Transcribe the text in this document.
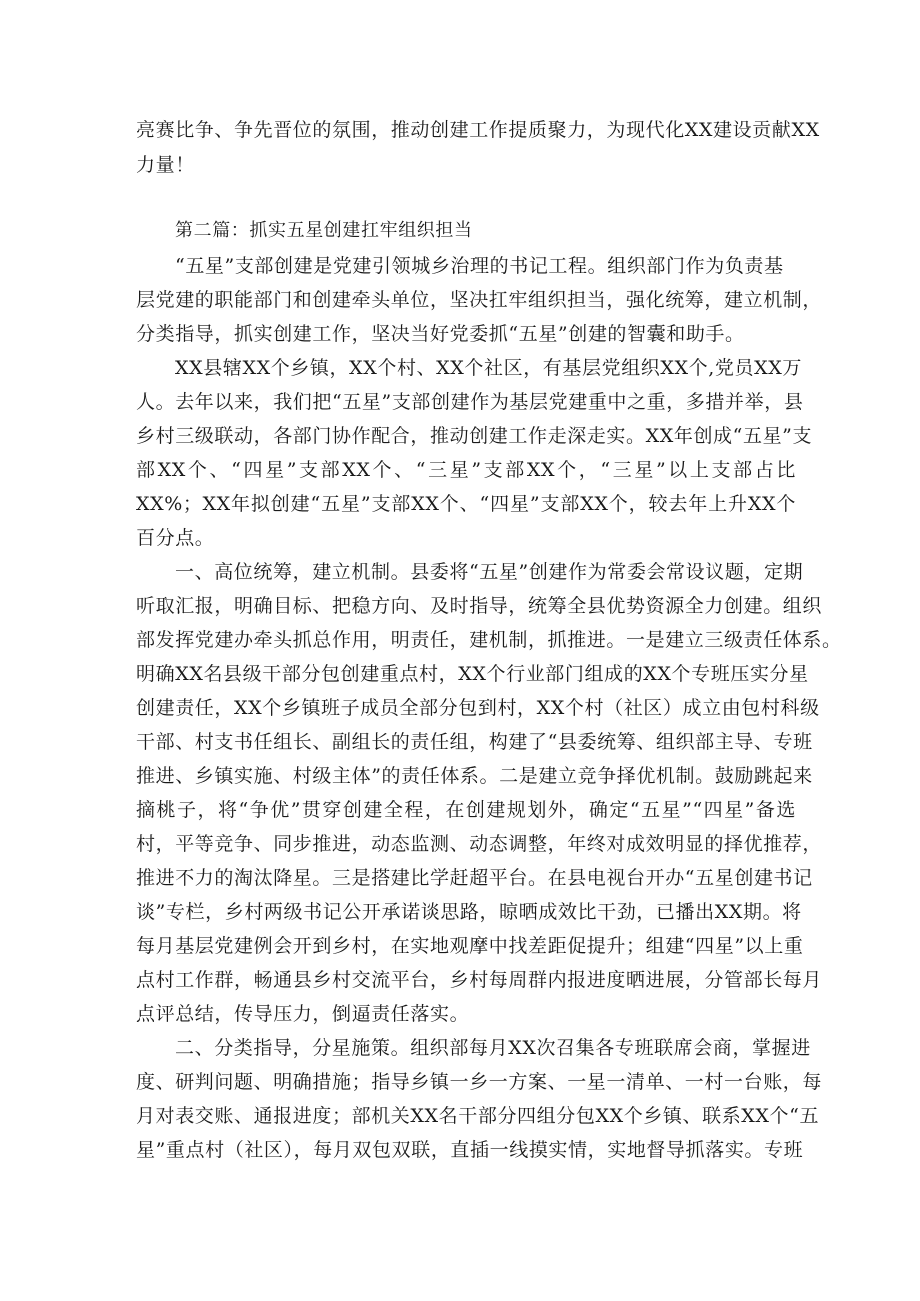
亮赛比争、争先晋位的氛围，推动创建工作提质聚力，为现代化XX建设贡献XX

力量！

第二篇：抓实五星创建扛牢组织担当

“五星”支部创建是党建引领城乡治理的书记工程。组织部门作为负责基

层党建的职能部门和创建牵头单位，坚决扛牢组织担当，强化统筹，建立机制，

分类指导，抓实创建工作，坚决当好党委抓“五星”创建的智囊和助手。

XX县辖XX个乡镇，XX个村、XX个社区，有基层党组织XX个,党员XX万

人。去年以来，我们把“五星”支部创建作为基层党建重中之重，多措并举，县

乡村三级联动，各部门协作配合，推动创建工作走深走实。XX年创成“五星”支

部XX个、“四星”支部XX个、“三星”支部XX个，“三星”以上支部占比

XX%；XX年拟创建“五星”支部XX个、“四星”支部XX个，较去年上升XX个

百分点。

一、高位统筹，建立机制。县委将“五星”创建作为常委会常设议题，定期

听取汇报，明确目标、把稳方向、及时指导，统筹全县优势资源全力创建。组织

部发挥党建办牵头抓总作用，明责任，建机制，抓推进。一是建立三级责任体系。

明确XX名县级干部分包创建重点村，XX个行业部门组成的XX个专班压实分星

创建责任，XX个乡镇班子成员全部分包到村，XX个村（社区）成立由包村科级

干部、村支书任组长、副组长的责任组，构建了“县委统筹、组织部主导、专班

推进、乡镇实施、村级主体”的责任体系。二是建立竞争择优机制。鼓励跳起来

摘桃子，将“争优”贯穿创建全程，在创建规划外，确定“五星”“四星”备选

村，平等竞争、同步推进，动态监测、动态调整，年终对成效明显的择优推荐，

推进不力的淘汰降星。三是搭建比学赶超平台。在县电视台开办“五星创建书记

谈”专栏，乡村两级书记公开承诺谈思路，晾晒成效比干劲，已播出XX期。将

每月基层党建例会开到乡村，在实地观摩中找差距促提升；组建“四星”以上重

点村工作群，畅通县乡村交流平台，乡村每周群内报进度晒进展，分管部长每月

点评总结，传导压力，倒逼责任落实。

二、分类指导，分星施策。组织部每月XX次召集各专班联席会商，掌握进

度、研判问题、明确措施；指导乡镇一乡一方案、一星一清单、一村一台账，每

月对表交账、通报进度；部机关XX名干部分四组分包XX个乡镇、联系XX个“五

星”重点村（社区），每月双包双联，直插一线摸实情，实地督导抓落实。专班
